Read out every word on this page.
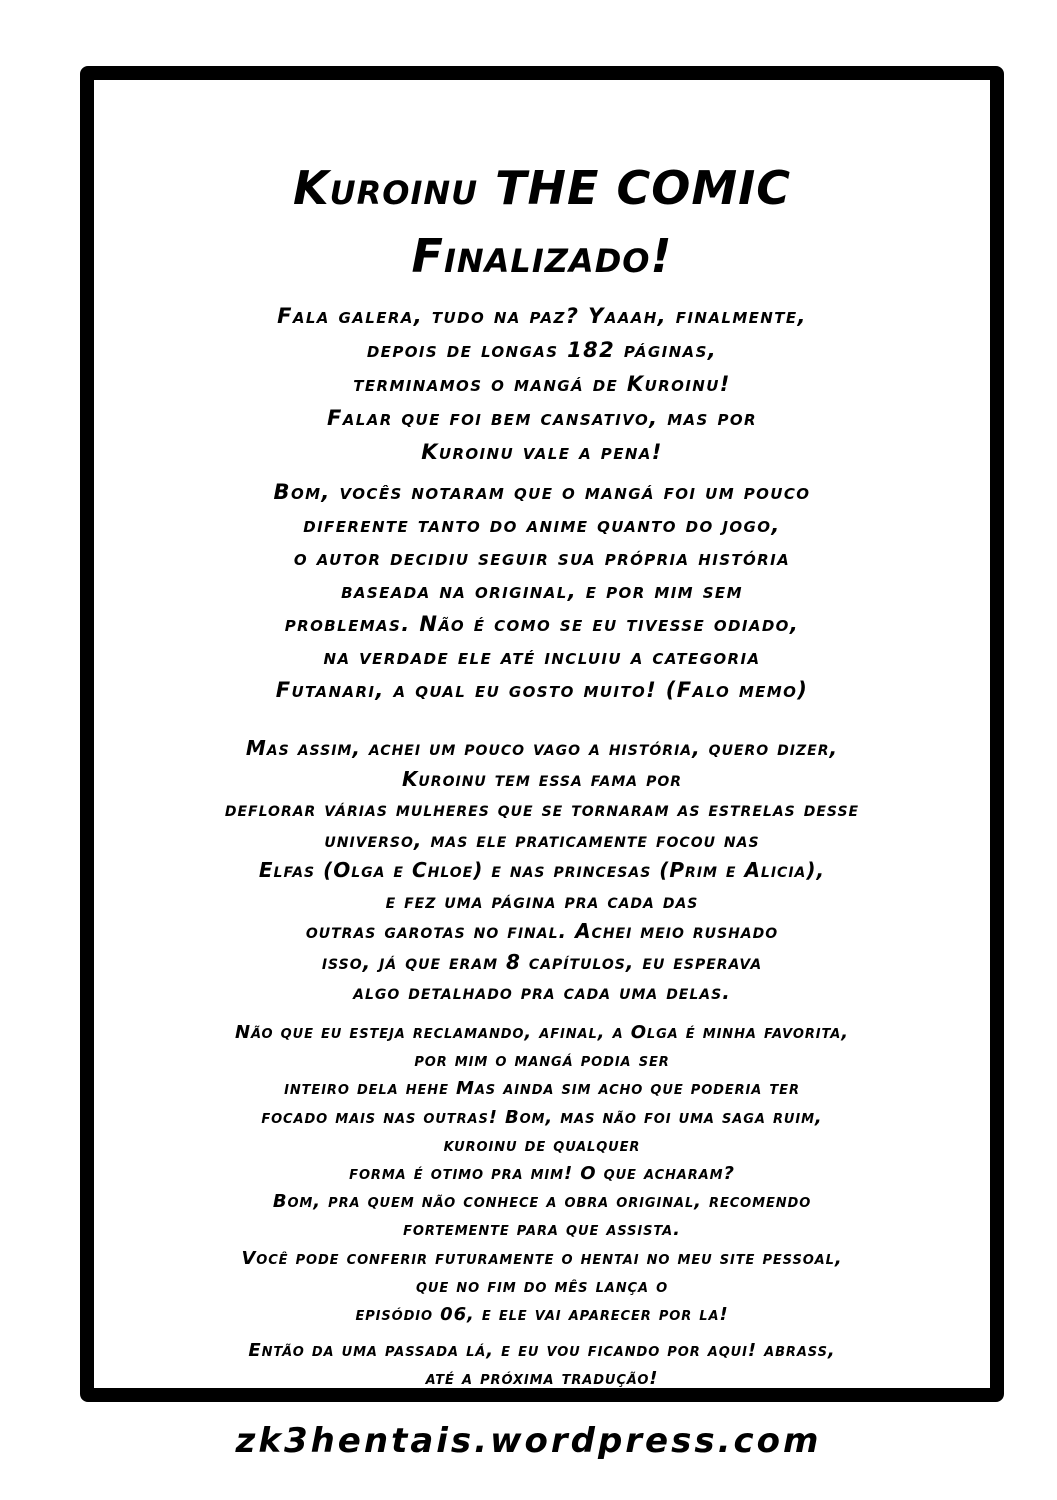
Kuroinu THE COMIC
Finalizado!
Fala galera, tudo na paz? Yaaah, finalmente,
depois de longas 182 páginas,
terminamos o mangá de Kuroinu!
Falar que foi bem cansativo, mas por
Kuroinu vale a pena!
Bom, vocês notaram que o mangá foi um pouco
diferente tanto do anime quanto do jogo,
o autor decidiu seguir sua própria história
baseada na original, e por mim sem
problemas. Não é como se eu tivesse odiado,
na verdade ele até incluiu a categoria
Futanari, a qual eu gosto muito! (Falo memo)
Mas assim, achei um pouco vago a história, quero dizer,
Kuroinu tem essa fama por
deflorar várias mulheres que se tornaram as estrelas desse
universo, mas ele praticamente focou nas
Elfas (Olga e Chloe) e nas princesas (Prim e Alicia),
e fez uma página pra cada das
outras garotas no final. Achei meio rushado
isso, já que eram 8 capítulos, eu esperava
algo detalhado pra cada uma delas.
Não que eu esteja reclamando, afinal, a Olga é minha favorita,
por mim o mangá podia ser
inteiro dela hehe Mas ainda sim acho que poderia ter
focado mais nas outras! Bom, mas não foi uma saga ruim,
kuroinu de qualquer
forma é otimo pra mim! O que acharam?
Bom, pra quem não conhece a obra original, recomendo
fortemente para que assista.
Você pode conferir futuramente o hentai no meu site pessoal,
que no fim do mês lança o
episódio 06, e ele vai aparecer por la!
Então da uma passada lá, e eu vou ficando por aqui! abrass,
até a próxima tradução!
zk3hentais.wordpress.com
